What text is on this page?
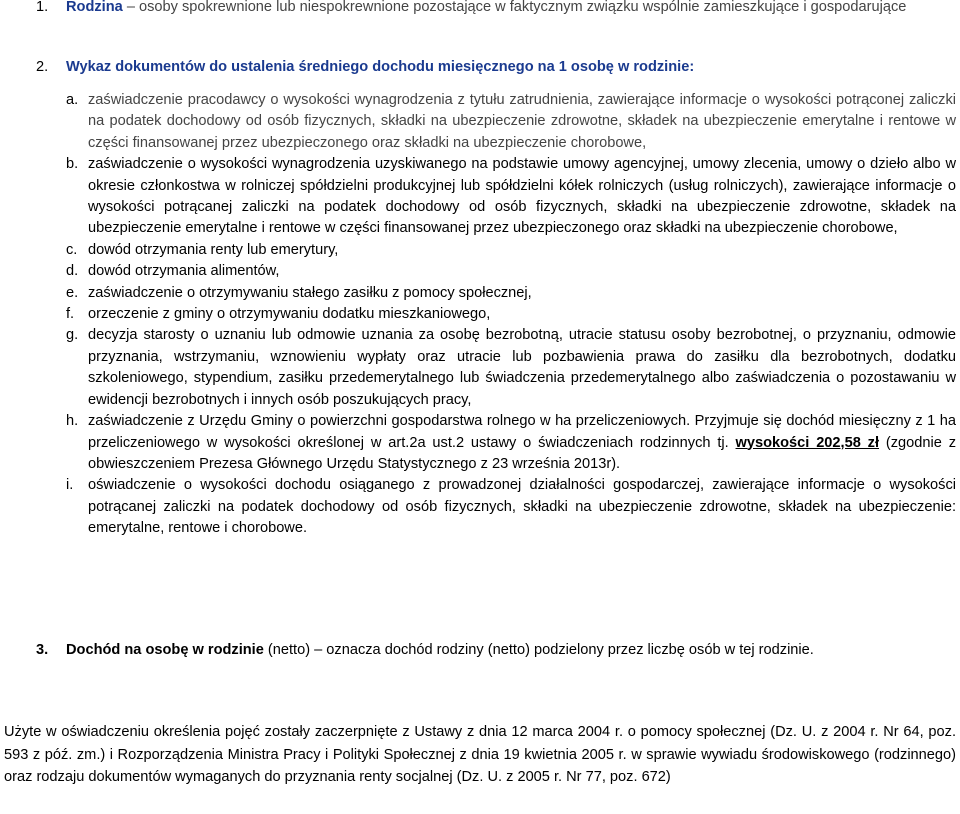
1.	Rodzina – osoby spokrewnione lub niespokrewnione pozostające w faktycznym związku wspólnie zamieszkujące i gospodarujące
2.	Wykaz dokumentów do ustalenia średniego dochodu miesięcznego na 1 osobę w rodzinie:
a. zaświadczenie pracodawcy o wysokości wynagrodzenia z tytułu zatrudnienia, zawierające informacje o wysokości potrąconej zaliczki na podatek dochodowy od osób fizycznych, składki na ubezpieczenie zdrowotne, składek na ubezpieczenie emerytalne i rentowe w części finansowanej przez ubezpieczonego oraz składki na ubezpieczenie chorobowe,
b. zaświadczenie o wysokości wynagrodzenia uzyskiwanego na podstawie umowy agencyjnej, umowy zlecenia, umowy o dzieło albo w okresie członkostwa w rolniczej spółdzielni produkcyjnej lub spółdzielni kółek rolniczych (usług rolniczych), zawierające informacje o wysokości potrącanej zaliczki na podatek dochodowy od osób fizycznych, składki na ubezpieczenie zdrowotne, składek na ubezpieczenie emerytalne i rentowe w części finansowanej przez ubezpieczonego oraz składki na ubezpieczenie chorobowe,
c. dowód otrzymania renty lub emerytury,
d. dowód otrzymania alimentów,
e. zaświadczenie o otrzymywaniu stałego zasiłku z pomocy społecznej,
f. orzeczenie z gminy o otrzymywaniu dodatku mieszkaniowego,
g. decyzja starosty o uznaniu lub odmowie uznania za osobę bezrobotną, utracie statusu osoby bezrobotnej, o przyznaniu, odmowie przyznania, wstrzymaniu, wznowieniu wypłaty oraz utracie lub pozbawienia prawa do zasiłku dla bezrobotnych, dodatku szkoleniowego, stypendium, zasiłku przedemerytalnego lub świadczenia przedemerytalnego albo zaświadczenia o pozostawaniu w ewidencji bezrobotnych i innych osób poszukujących pracy,
h. zaświadczenie z Urzędu Gminy o powierzchni gospodarstwa rolnego w ha przeliczeniowych. Przyjmuje się dochód miesięczny z 1 ha przeliczeniowego w wysokości określonej w art.2a ust.2 ustawy o świadczeniach rodzinnych tj. wysokości 202,58 zł (zgodnie z obwieszczeniem Prezesa Głównego Urzędu Statystycznego z 23 września 2013r).
i. oświadczenie o wysokości dochodu osiąganego z prowadzonej działalności gospodarczej, zawierające informacje o wysokości potrącanej zaliczki na podatek dochodowy od osób fizycznych, składki na ubezpieczenie zdrowotne, składek na ubezpieczenie: emerytalne, rentowe i chorobowe.
3.	Dochód na osobę w rodzinie (netto) – oznacza dochód rodziny (netto) podzielony przez liczbę osób w tej rodzinie.
Użyte w oświadczeniu określenia pojęć zostały zaczerpnięte z Ustawy z dnia 12 marca 2004 r. o pomocy społecznej (Dz. U. z 2004 r. Nr 64, poz. 593 z póź. zm.) i Rozporządzenia Ministra Pracy i Polityki Społecznej z dnia 19 kwietnia 2005 r. w sprawie wywiadu środowiskowego (rodzinnego) oraz rodzaju dokumentów wymaganych do przyznania renty socjalnej (Dz. U. z 2005 r. Nr 77, poz. 672)
